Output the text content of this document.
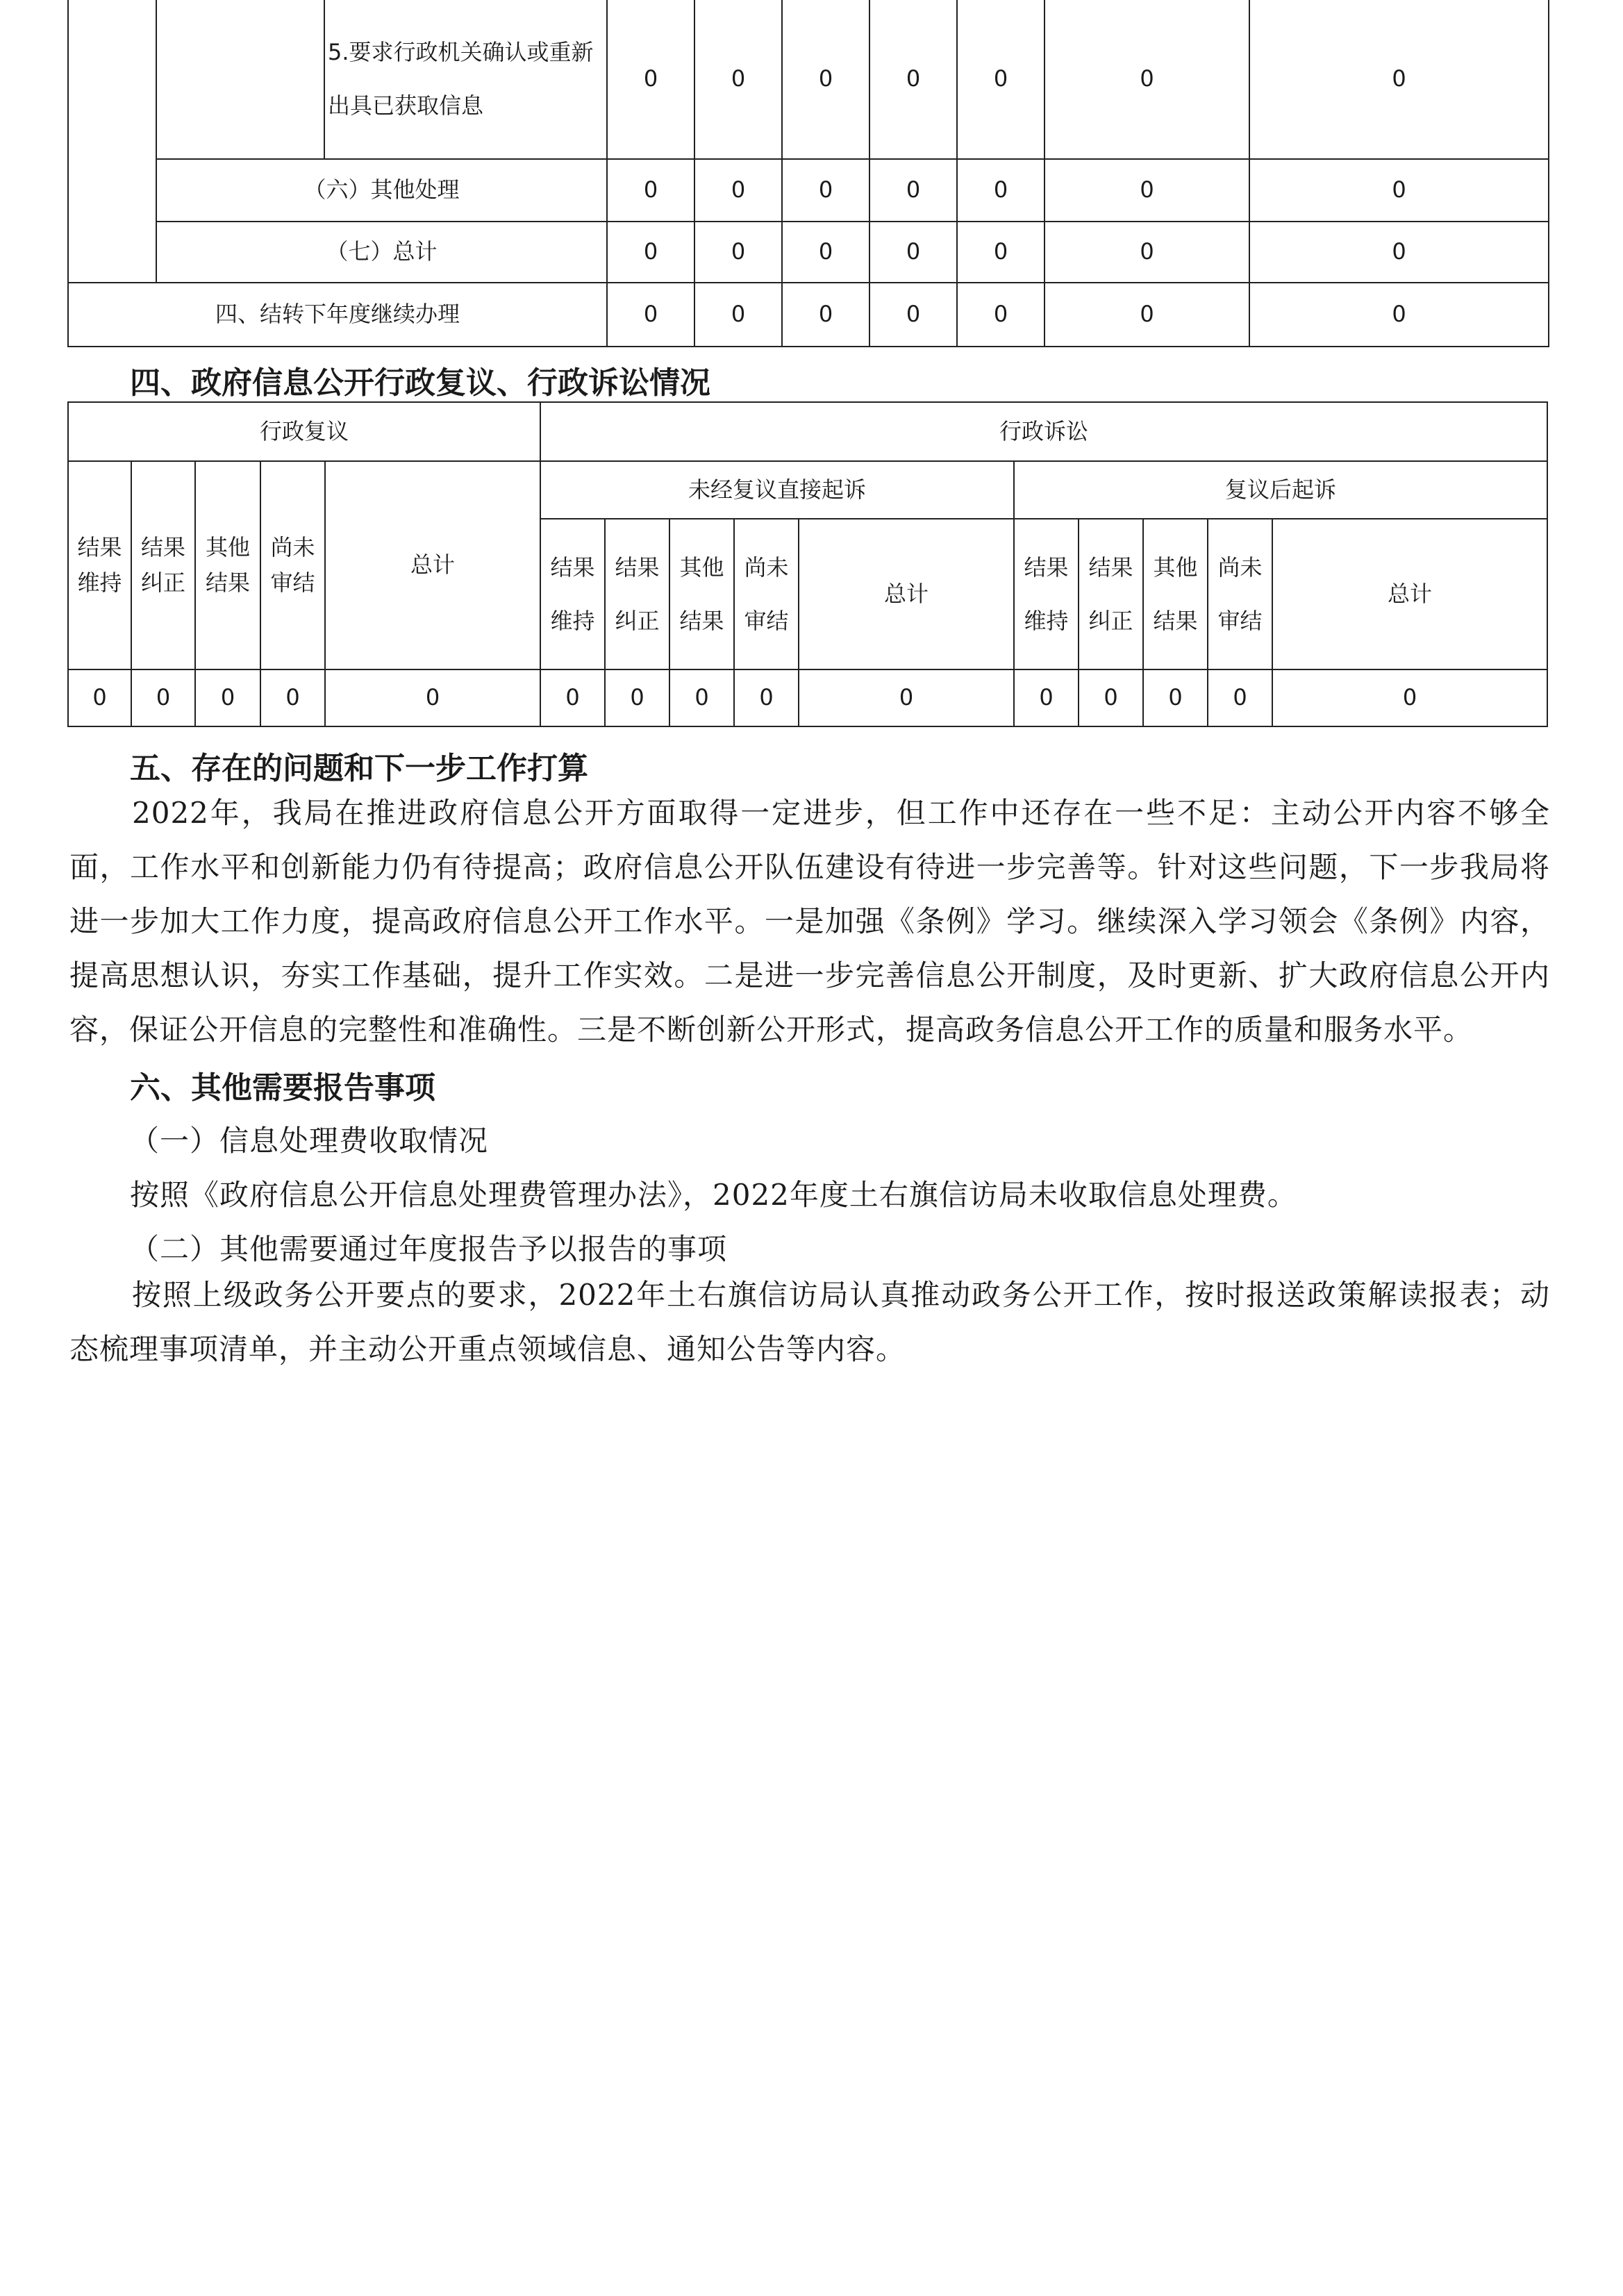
		5.要求行政机关确认或重新出具已获取信息	0	0	0	0	0	0	0
	（六）其他处理		0	0	0	0	0	0	0
	（七）总计		0	0	0	0	0	0	0
四、结转下年度继续办理			0	0	0	0	0	0	0
四、政府信息公开行政复议、行政诉讼情况
行政复议					行政诉讼									
结果维持	结果纠正	其他结果	尚未审结	总计	未经复议直接起诉					复议后起诉				
					结果维持	结果纠正	其他结果	尚未审结	总计	结果维持	结果纠正	其他结果	尚未审结	总计
0	0	0	0	0	0	0	0	0	0	0	0	0	0	0
五、存在的问题和下一步工作打算
2022年，我局在推进政府信息公开方面取得一定进步，但工作中还存在一些不足：主动公开内容不够全面，工作水平和创新能力仍有待提高；政府信息公开队伍建设有待进一步完善等。针对这些问题，下一步我局将进一步加大工作力度，提高政府信息公开工作水平。一是加强《条例》学习。继续深入学习领会《条例》内容，提高思想认识，夯实工作基础，提升工作实效。二是进一步完善信息公开制度，及时更新、扩大政府信息公开内容，保证公开信息的完整性和准确性。三是不断创新公开形式，提高政务信息公开工作的质量和服务水平。
六、其他需要报告事项
（一）信息处理费收取情况
按照《政府信息公开信息处理费管理办法》，2022年度土右旗信访局未收取信息处理费。
（二）其他需要通过年度报告予以报告的事项
按照上级政务公开要点的要求，2022年土右旗信访局认真推动政务公开工作，按时报送政策解读报表；动态梳理事项清单，并主动公开重点领域信息、通知公告等内容。
